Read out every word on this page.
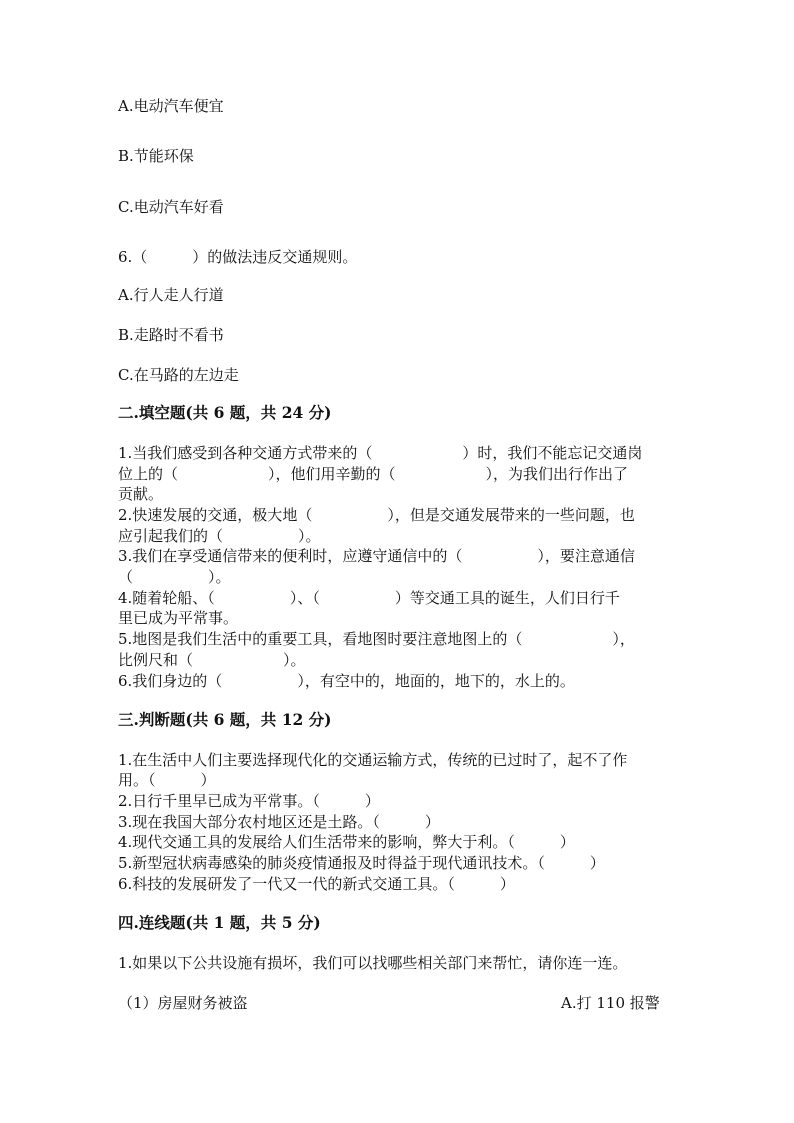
A.电动汽车便宜

B.节能环保

C.电动汽车好看

6.（　　　）的做法违反交通规则。

A.行人走人行道

B.走路时不看书

C.在马路的左边走

二.填空题(共 6 题，共 24 分)

1.当我们感受到各种交通方式带来的（　　　　　　）时，我们不能忘记交通岗

位上的（　　　　　　），他们用辛勤的（　　　　　　），为我们出行作出了

贡献。

2.快速发展的交通，极大地（　　　　　），但是交通发展带来的一些问题，也

应引起我们的（　　　　　）。

3.我们在享受通信带来的便利时，应遵守通信中的（　　　　　），要注意通信

（　　　　　）。

4.随着轮船、（　　　　　）、（　　　　　）等交通工具的诞生，人们日行千

里已成为平常事。

5.地图是我们生活中的重要工具，看地图时要注意地图上的（　　　　　　），

比例尺和（　　　　　　）。

6.我们身边的（　　　　　），有空中的，地面的，地下的，水上的。

三.判断题(共 6 题，共 12 分)

1.在生活中人们主要选择现代化的交通运输方式，传统的已过时了，起不了作

用。（　　　）

2.日行千里早已成为平常事。（　　　）

3.现在我国大部分农村地区还是土路。（　　　）

4.现代交通工具的发展给人们生活带来的影响，弊大于利。（　　　）

5.新型冠状病毒感染的肺炎疫情通报及时得益于现代通讯技术。（　　　）

6.科技的发展研发了一代又一代的新式交通工具。（　　　）

四.连线题(共 1 题，共 5 分)

1.如果以下公共设施有损坏，我们可以找哪些相关部门来帮忙，请你连一连。

（1）房屋财务被盗	A.打 110 报警
